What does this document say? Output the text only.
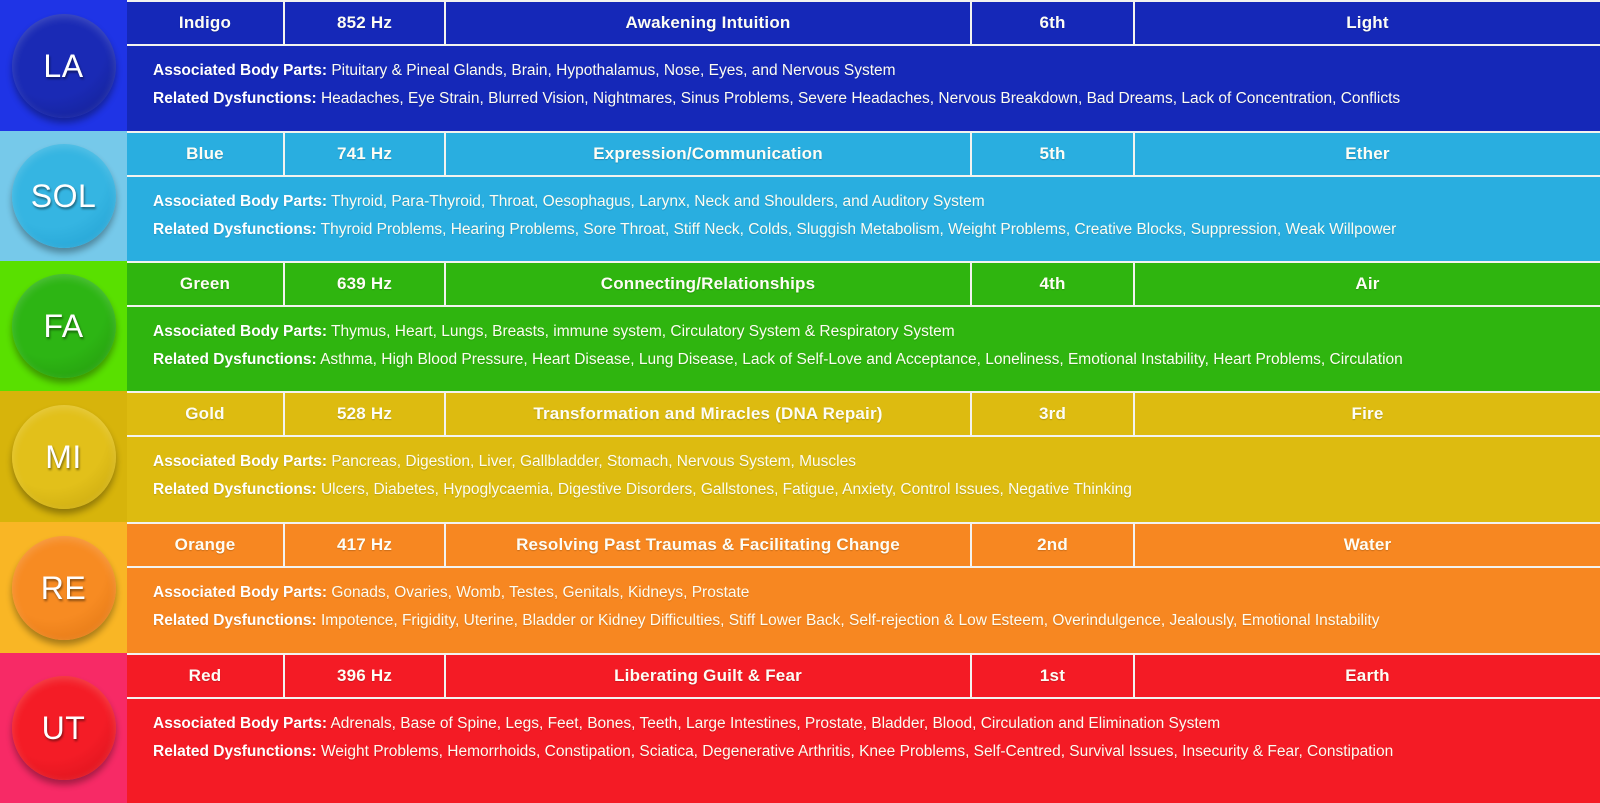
LA
Indigo	852 Hz	Awakening Intuition	6th	Light
Associated Body Parts: Pituitary & Pineal Glands, Brain, Hypothalamus, Nose, Eyes, and Nervous System
Related Dysfunctions: Headaches, Eye Strain, Blurred Vision, Nightmares, Sinus Problems, Severe Headaches, Nervous Breakdown, Bad Dreams, Lack of Concentration, Conflicts
SOL
Blue	741 Hz	Expression/Communication	5th	Ether
Associated Body Parts: Thyroid, Para-Thyroid, Throat, Oesophagus, Larynx, Neck and Shoulders, and Auditory System
Related Dysfunctions: Thyroid Problems, Hearing Problems, Sore Throat, Stiff Neck, Colds, Sluggish Metabolism, Weight Problems, Creative Blocks, Suppression, Weak Willpower
FA
Green	639 Hz	Connecting/Relationships	4th	Air
Associated Body Parts: Thymus, Heart, Lungs, Breasts, immune system, Circulatory System & Respiratory System
Related Dysfunctions: Asthma, High Blood Pressure, Heart Disease, Lung Disease, Lack of Self-Love and Acceptance, Loneliness, Emotional Instability, Heart Problems, Circulation
MI
Gold	528 Hz	Transformation and Miracles (DNA Repair)	3rd	Fire
Associated Body Parts: Pancreas, Digestion, Liver, Gallbladder, Stomach, Nervous System, Muscles
Related Dysfunctions: Ulcers, Diabetes, Hypoglycaemia, Digestive Disorders, Gallstones, Fatigue, Anxiety, Control Issues, Negative Thinking
RE
Orange	417 Hz	Resolving Past Traumas & Facilitating Change	2nd	Water
Associated Body Parts: Gonads, Ovaries, Womb, Testes, Genitals, Kidneys, Prostate
Related Dysfunctions: Impotence, Frigidity, Uterine, Bladder or Kidney Difficulties, Stiff Lower Back, Self-rejection & Low Esteem, Overindulgence, Jealously, Emotional Instability
UT
Red	396 Hz	Liberating Guilt & Fear	1st	Earth
Associated Body Parts: Adrenals, Base of Spine, Legs, Feet, Bones, Teeth, Large Intestines, Prostate, Bladder, Blood, Circulation and Elimination System
Related Dysfunctions: Weight Problems, Hemorrhoids, Constipation, Sciatica, Degenerative Arthritis, Knee Problems, Self-Centred, Survival Issues, Insecurity & Fear, Constipation
